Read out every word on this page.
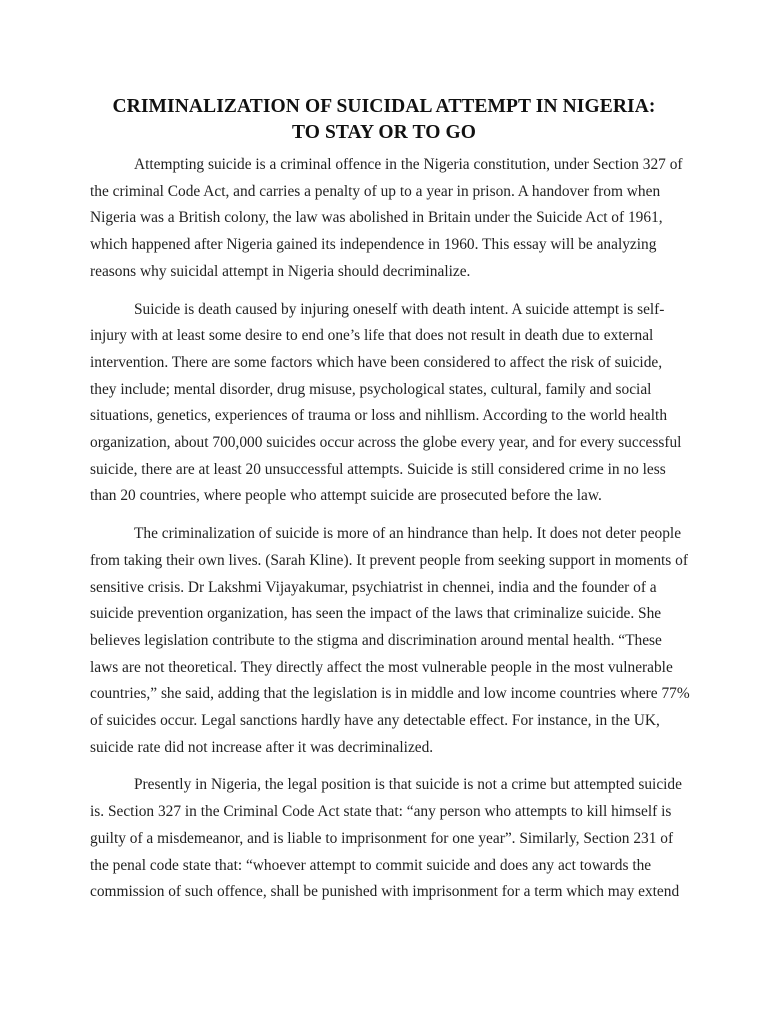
CRIMINALIZATION OF SUICIDAL ATTEMPT IN NIGERIA:
TO STAY OR TO GO

Attempting suicide is a criminal offence in the Nigeria constitution, under Section 327 of
the criminal Code Act, and carries a penalty of up to a year in prison. A handover from when
Nigeria was a British colony, the law was abolished in Britain under the Suicide Act of 1961,
which happened after Nigeria gained its independence in 1960. This essay will be analyzing
reasons why suicidal attempt in Nigeria should decriminalize.

Suicide is death caused by injuring oneself with death intent. A suicide attempt is self-
injury with at least some desire to end one’s life that does not result in death due to external
intervention. There are some factors which have been considered to affect the risk of suicide,
they include; mental disorder, drug misuse, psychological states, cultural, family and social
situations, genetics, experiences of trauma or loss and nihllism. According to the world health
organization, about 700,000 suicides occur across the globe every year, and for every successful
suicide, there are at least 20 unsuccessful attempts. Suicide is still considered crime in no less
than 20 countries, where people who attempt suicide are prosecuted before the law.

The criminalization of suicide is more of an hindrance than help. It does not deter people
from taking their own lives. (Sarah Kline). It prevent people from seeking support in moments of
sensitive crisis. Dr Lakshmi Vijayakumar, psychiatrist in chennei, india and the founder of a
suicide prevention organization, has seen the impact of the laws that criminalize suicide. She
believes legislation contribute to the stigma and discrimination around mental health. “These
laws are not theoretical. They directly affect the most vulnerable people in the most vulnerable
countries,” she said, adding that the legislation is in middle and low income countries where 77%
of suicides occur. Legal sanctions hardly have any detectable effect. For instance, in the UK,
suicide rate did not increase after it was decriminalized.

Presently in Nigeria, the legal position is that suicide is not a crime but attempted suicide
is. Section 327 in the Criminal Code Act state that: “any person who attempts to kill himself is
guilty of a misdemeanor, and is liable to imprisonment for one year”. Similarly, Section 231 of
the penal code state that: “whoever attempt to commit suicide and does any act towards the
commission of such offence, shall be punished with imprisonment for a term which may extend
